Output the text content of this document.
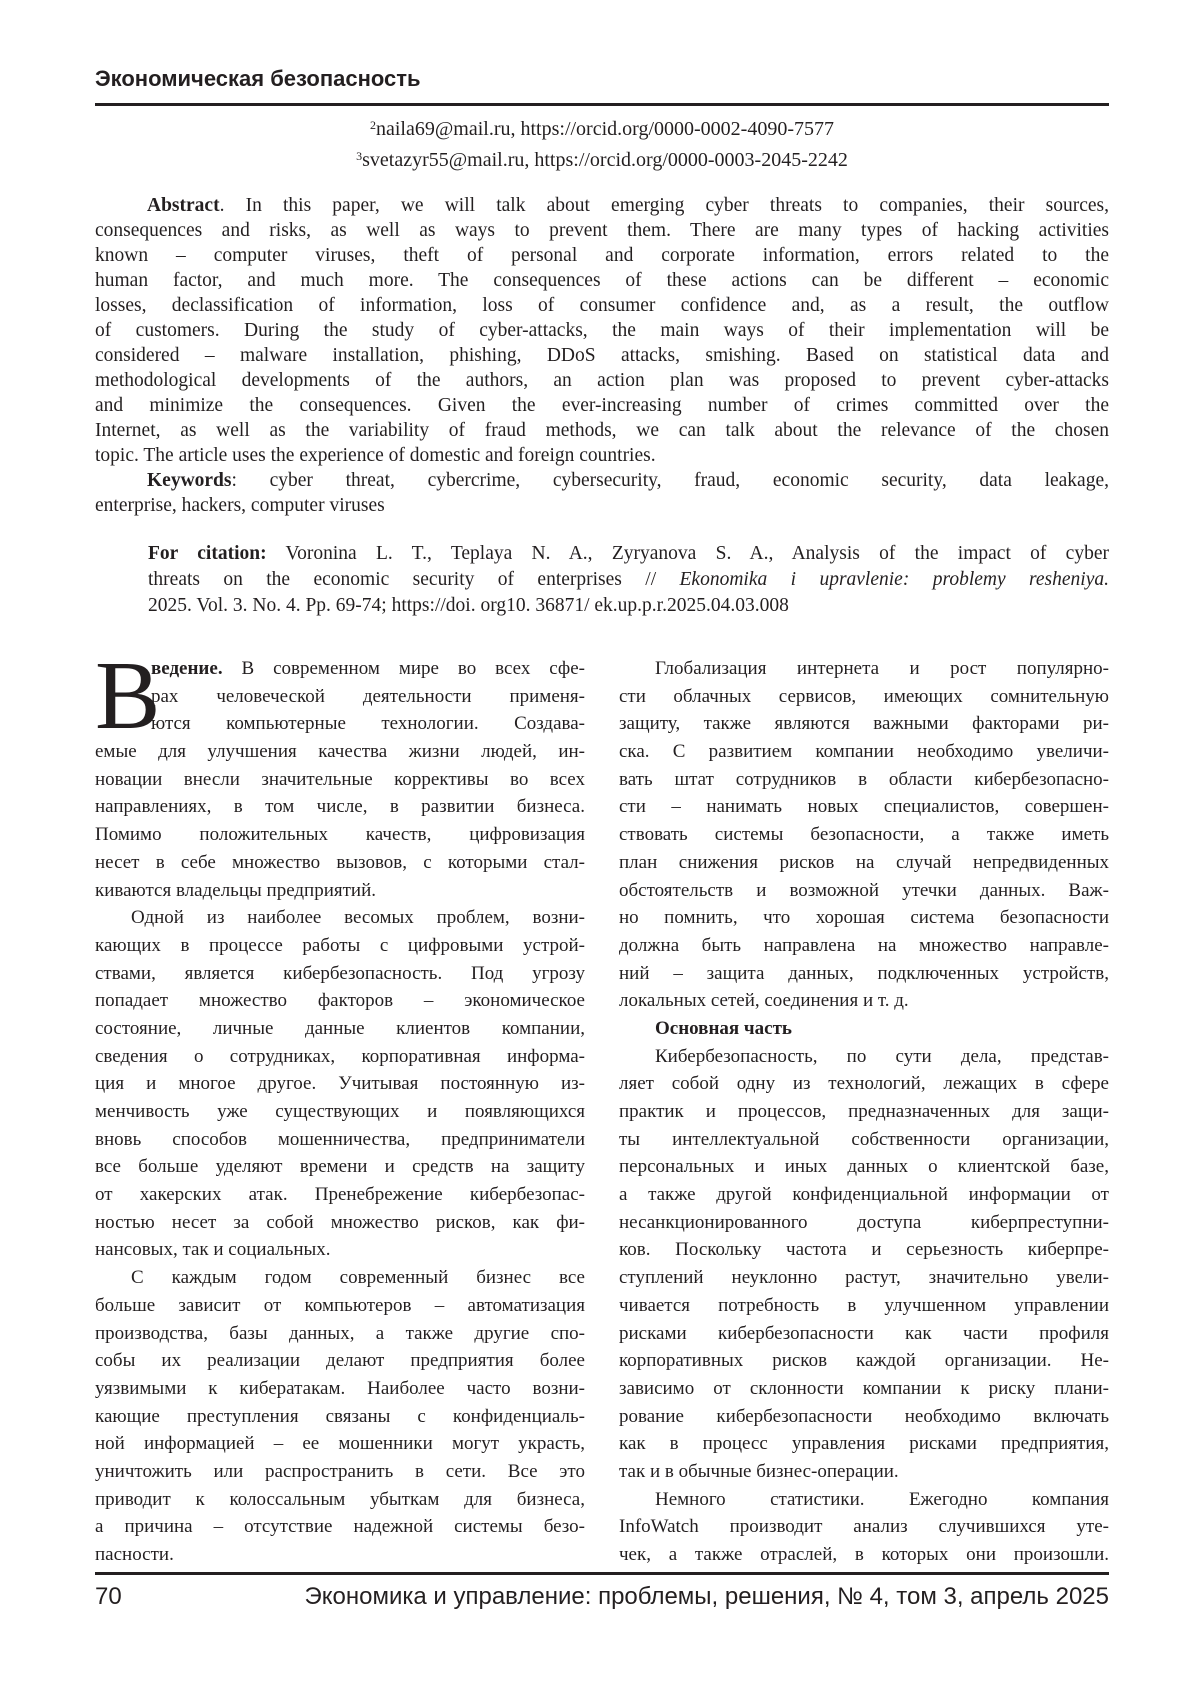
Экономическая безопасность
2naila69@mail.ru, https://orcid.org/0000-0002-4090-7577
3svetazyr55@mail.ru, https://orcid.org/0000-0003-2045-2242
Abstract. In this paper, we will talk about emerging cyber threats to companies, their sources,
consequences and risks, as well as ways to prevent them. There are many types of hacking activities
known – computer viruses, theft of personal and corporate information, errors related to the
human factor, and much more. The consequences of these actions can be different – economic
losses, declassification of information, loss of consumer confidence and, as a result, the outflow
of customers. During the study of cyber-attacks, the main ways of their implementation will be
considered – malware installation, phishing, DDoS attacks, smishing. Based on statistical data and
methodological developments of the authors, an action plan was proposed to prevent cyber-attacks
and minimize the consequences. Given the ever-increasing number of crimes committed over the
Internet, as well as the variability of fraud methods, we can talk about the relevance of the chosen
topic. The article uses the experience of domestic and foreign countries.
Keywords: cyber threat, cybercrime, cybersecurity, fraud, economic security, data leakage,
enterprise, hackers, computer viruses
For citation: Voronina L. T., Teplaya N. A., Zyryanova S. A., Analysis of the impact of cyber
threats on the economic security of enterprises // Ekonomika i upravlenie: problemy resheniya.
2025. Vol. 3. No. 4. Pp. 69-74; https://doi. org10. 36871/ ek.up.p.r.2025.04.03.008
В
ведение. В современном мире во всех сфе-
рах человеческой деятельности применя-
ются компьютерные технологии. Создава-
емые для улучшения качества жизни людей, ин-
новации внесли значительные коррективы во всех
направлениях, в том числе, в развитии бизнеса.
Помимо положительных качеств, цифровизация
несет в себе множество вызовов, с которыми стал-
киваются владельцы предприятий.
Одной из наиболее весомых проблем, возни-
кающих в процессе работы с цифровыми устрой-
ствами, является кибербезопасность. Под угрозу
попадает множество факторов – экономическое
состояние, личные данные клиентов компании,
сведения о сотрудниках, корпоративная информа-
ция и многое другое. Учитывая постоянную из-
менчивость уже существующих и появляющихся
вновь способов мошенничества, предприниматели
все больше уделяют времени и средств на защиту
от хакерских атак. Пренебрежение кибербезопас-
ностью несет за собой множество рисков, как фи-
нансовых, так и социальных.
С каждым годом современный бизнес все
больше зависит от компьютеров – автоматизация
производства, базы данных, а также другие спо-
собы их реализации делают предприятия более
уязвимыми к кибератакам. Наиболее часто возни-
кающие преступления связаны с конфиденциаль-
ной информацией – ее мошенники могут украсть,
уничтожить или распространить в сети. Все это
приводит к колоссальным убыткам для бизнеса,
а причина – отсутствие надежной системы безо-
пасности.
Глобализация интернета и рост популярно-
сти облачных сервисов, имеющих сомнительную
защиту, также являются важными факторами ри-
ска. С развитием компании необходимо увеличи-
вать штат сотрудников в области кибербезопасно-
сти – нанимать новых специалистов, совершен-
ствовать системы безопасности, а также иметь
план снижения рисков на случай непредвиденных
обстоятельств и возможной утечки данных. Важ-
но помнить, что хорошая система безопасности
должна быть направлена на множество направле-
ний – защита данных, подключенных устройств,
локальных сетей, соединения и т. д.
Основная часть
Кибербезопасность, по сути дела, представ-
ляет собой одну из технологий, лежащих в сфере
практик и процессов, предназначенных для защи-
ты интеллектуальной собственности организации,
персональных и иных данных о клиентской базе,
а также другой конфиденциальной информации от
несанкционированного доступа киберпреступни-
ков. Поскольку частота и серьезность киберпре-
ступлений неуклонно растут, значительно увели-
чивается потребность в улучшенном управлении
рисками кибербезопасности как части профиля
корпоративных рисков каждой организации. Не-
зависимо от склонности компании к риску плани-
рование кибербезопасности необходимо включать
как в процесс управления рисками предприятия,
так и в обычные бизнес-операции.
Немного статистики. Ежегодно компания
InfoWatch производит анализ случившихся уте-
чек, а также отраслей, в которых они произошли.
70	Экономика и управление: проблемы, решения, № 4, том 3, апрель 2025
